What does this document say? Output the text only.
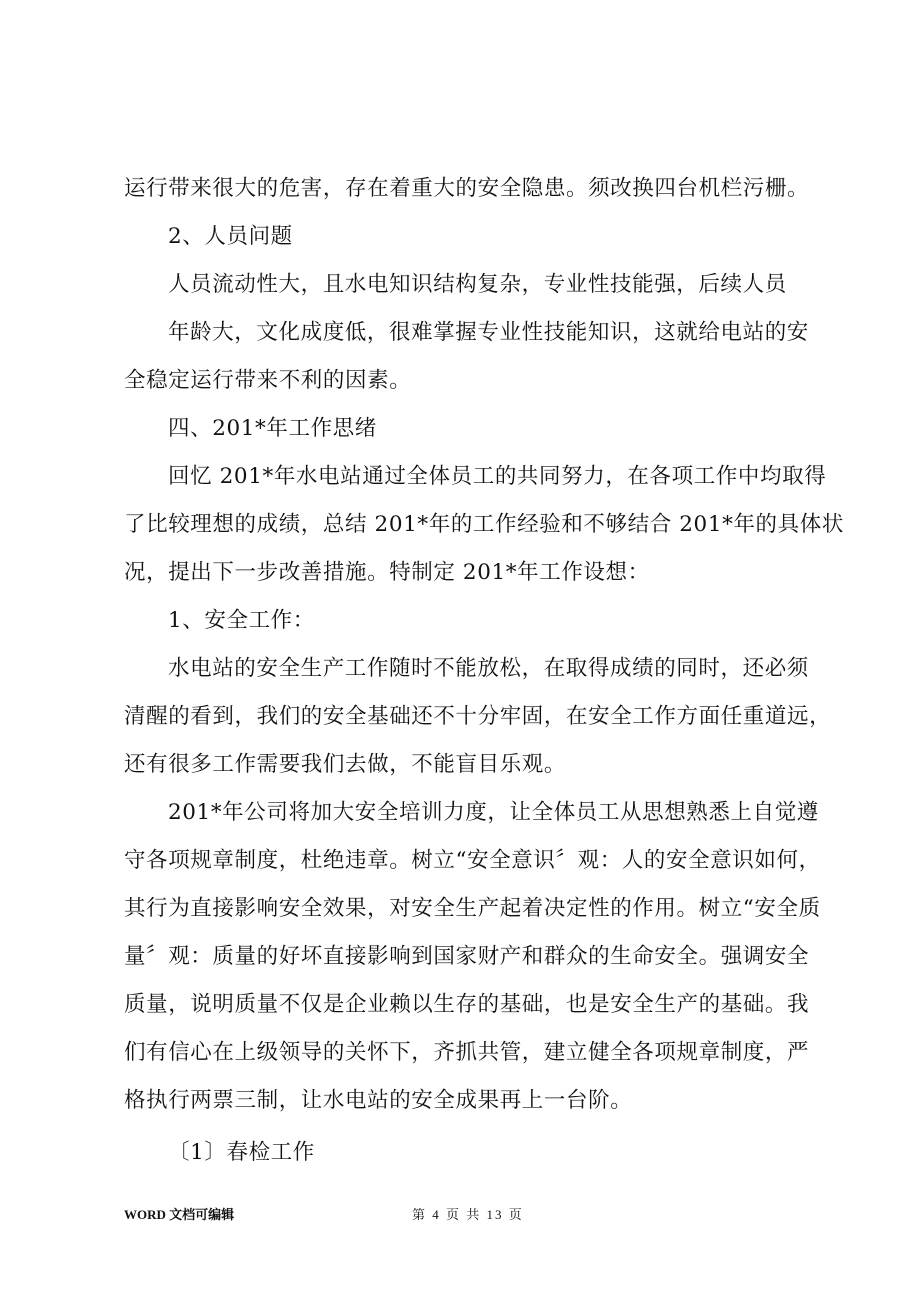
运行带来很大的危害，存在着重大的安全隐患。须改换四台机栏污栅。
2、人员问题
人员流动性大，且水电知识结构复杂，专业性技能强，后续人员
年龄大，文化成度低，很难掌握专业性技能知识，这就给电站的安
全稳定运行带来不利的因素。
四、201*年工作思绪
回忆 201*年水电站通过全体员工的共同努力，在各项工作中均取得
了比较理想的成绩，总结 201*年的工作经验和不够结合 201*年的具体状
况，提出下一步改善措施。特制定 201*年工作设想：
1、安全工作：
水电站的安全生产工作随时不能放松，在取得成绩的同时，还必须
清醒的看到，我们的安全基础还不十分牢固，在安全工作方面任重道远，
还有很多工作需要我们去做，不能盲目乐观。
201*年公司将加大安全培训力度，让全体员工从思想熟悉上自觉遵
守各项规章制度，杜绝违章。树立“安全意识〞观：人的安全意识如何，
其行为直接影响安全效果，对安全生产起着决定性的作用。树立“安全质
量〞观：质量的好坏直接影响到国家财产和群众的生命安全。强调安全
质量，说明质量不仅是企业赖以生存的基础，也是安全生产的基础。我
们有信心在上级领导的关怀下，齐抓共管，建立健全各项规章制度，严
格执行两票三制，让水电站的安全成果再上一台阶。
〔1〕春检工作
WORD 文档可编辑	第 4 页 共 13 页
